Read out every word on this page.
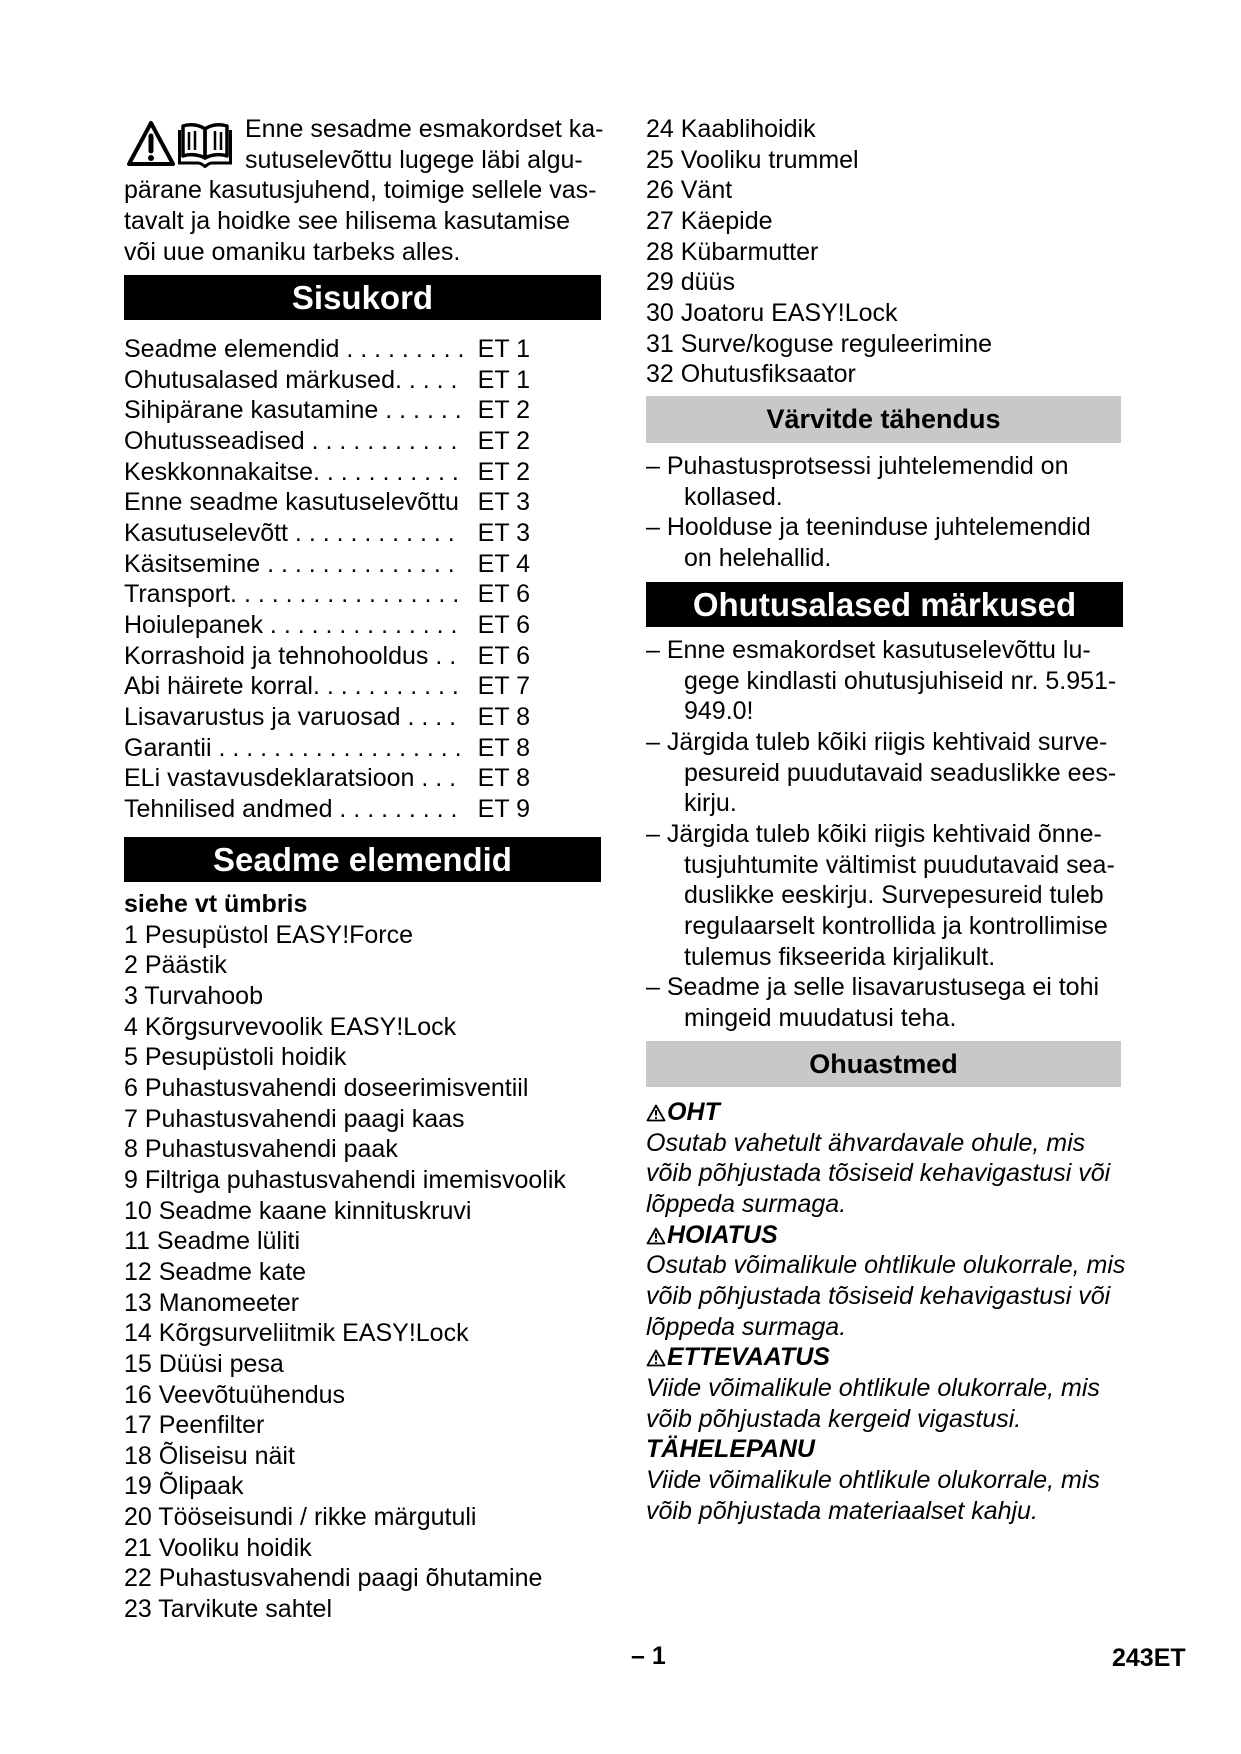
Enne sesadme esmakordset ka-
sutuselevõttu lugege läbi algu-
pärane kasutusjuhend, toimige sellele vas-
tavalt ja hoidke see hilisema kasutamise
või uue omaniku tarbeks alles.
Sisukord
Seadme elemendid . . . . . . . . . ET 1
Ohutusalased märkused. . . . . ET 1
Sihipärane kasutamine . . . . . . ET 2
Ohutusseadised . . . . . . . . . . . ET 2
Keskkonnakaitse. . . . . . . . . . . ET 2
Enne seadme kasutuselevõttu ET 3
Kasutuselevõtt . . . . . . . . . . . . ET 3
Käsitsemine . . . . . . . . . . . . . . ET 4
Transport. . . . . . . . . . . . . . . . . ET 6
Hoiulepanek . . . . . . . . . . . . . . ET 6
Korrashoid ja tehnohooldus . . ET 6
Abi häirete korral. . . . . . . . . . . ET 7
Lisavarustus ja varuosad . . . . ET 8
Garantii . . . . . . . . . . . . . . . . . . ET 8
ELi vastavusdeklaratsioon . . . ET 8
Tehnilised andmed . . . . . . . . . ET 9
Seadme elemendid
siehe vt ümbris
1 Pesupüstol EASY!Force
2 Päästik
3 Turvahoob
4 Kõrgsurvevoolik EASY!Lock
5 Pesupüstoli hoidik
6 Puhastusvahendi doseerimisventiil
7 Puhastusvahendi paagi kaas
8 Puhastusvahendi paak
9 Filtriga puhastusvahendi imemisvoolik
10 Seadme kaane kinnituskruvi
11 Seadme lüliti
12 Seadme kate
13 Manomeeter
14 Kõrgsurveliitmik EASY!Lock
15 Düüsi pesa
16 Veevõtuühendus
17 Peenfilter
18 Õliseisu näit
19 Õlipaak
20 Tööseisundi / rikke märgutuli
21 Vooliku hoidik
22 Puhastusvahendi paagi õhutamine
23 Tarvikute sahtel
24 Kaablihoidik
25 Vooliku trummel
26 Vänt
27 Käepide
28 Kübarmutter
29 düüs
30 Joatoru EASY!Lock
31 Surve/koguse reguleerimine
32 Ohutusfiksaator
Värvitde tähendus
– Puhastusprotsessi juhtelemendid on
kollased.
– Hoolduse ja teeninduse juhtelemendid
on helehallid.
Ohutusalased märkused
– Enne esmakordset kasutuselevõttu lu-
gege kindlasti ohutusjuhiseid nr. 5.951-
949.0!
– Järgida tuleb kõiki riigis kehtivaid surve-
pesureid puudutavaid seaduslikke ees-
kirju.
– Järgida tuleb kõiki riigis kehtivaid õnne-
tusjuhtumite vältimist puudutavaid sea-
duslikke eeskirju. Survepesureid tuleb
regulaarselt kontrollida ja kontrollimise
tulemus fikseerida kirjalikult.
– Seadme ja selle lisavarustusega ei tohi
mingeid muudatusi teha.
Ohuastmed
OHT
Osutab vahetult ähvardavale ohule, mis
võib põhjustada tõsiseid kehavigastusi või
lõppeda surmaga.
HOIATUS
Osutab võimalikule ohtlikule olukorrale, mis
võib põhjustada tõsiseid kehavigastusi või
lõppeda surmaga.
ETTEVAATUS
Viide võimalikule ohtlikule olukorrale, mis
võib põhjustada kergeid vigastusi.
TÄHELEPANU
Viide võimalikule ohtlikule olukorrale, mis
võib põhjustada materiaalset kahju.
– 1	243ET
